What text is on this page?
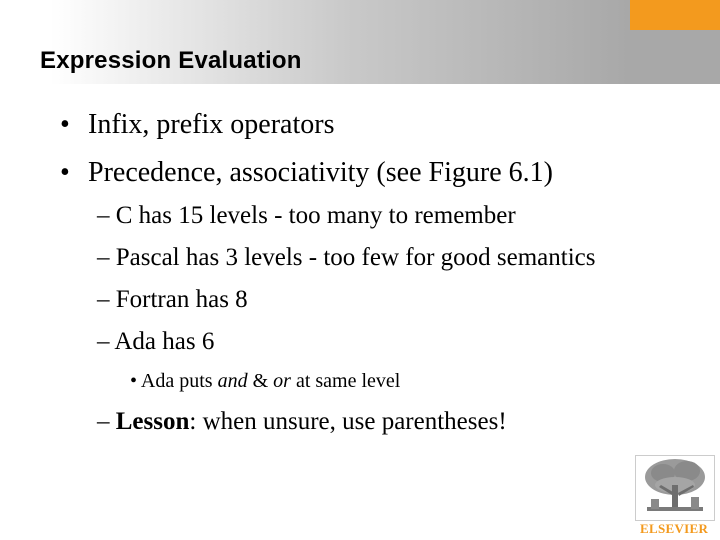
Expression Evaluation
• Infix, prefix operators
• Precedence, associativity (see Figure 6.1)
– C has 15 levels - too many to remember
– Pascal has 3 levels - too few for good semantics
– Fortran has 8
– Ada has 6
• Ada puts and & or at same level
– Lesson: when unsure, use parentheses!
ELSEVIER
